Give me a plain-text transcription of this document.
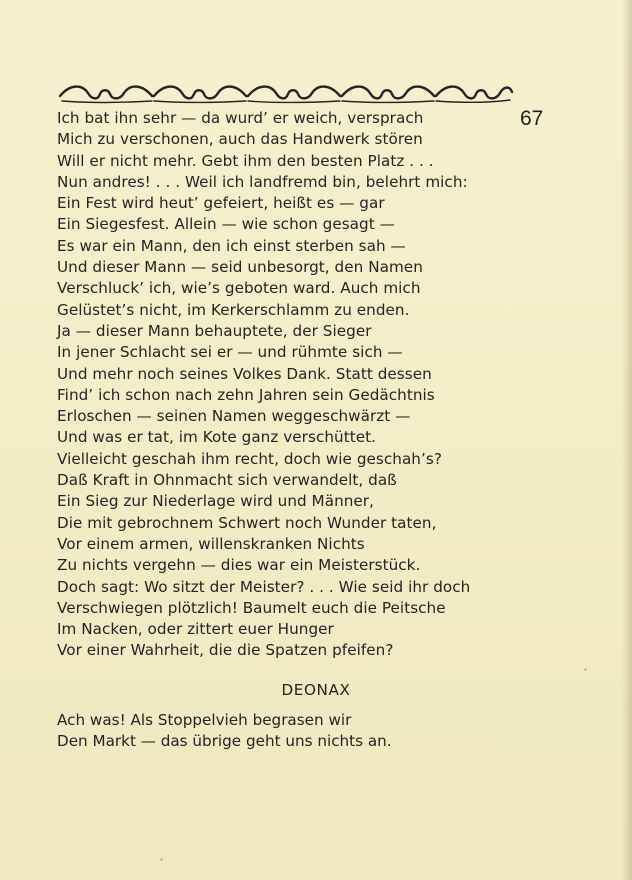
67
Ich bat ihn sehr — da wurd’ er weich, versprach
Mich zu verschonen, auch das Handwerk stören
Will er nicht mehr. Gebt ihm den besten Platz . . .
Nun andres! . . . Weil ich landfremd bin, belehrt mich:
Ein Fest wird heut’ gefeiert, heißt es — gar
Ein Siegesfest. Allein — wie schon gesagt —
Es war ein Mann, den ich einst sterben sah —
Und dieser Mann — seid unbesorgt, den Namen
Verschluck’ ich, wie’s geboten ward. Auch mich
Gelüstet’s nicht, im Kerkerschlamm zu enden.
Ja — dieser Mann behauptete, der Sieger
In jener Schlacht sei er — und rühmte sich —
Und mehr noch seines Volkes Dank. Statt dessen
Find’ ich schon nach zehn Jahren sein Gedächtnis
Erloschen — seinen Namen weggeschwärzt —
Und was er tat, im Kote ganz verschüttet.
Vielleicht geschah ihm recht, doch wie geschah’s?
Daß Kraft in Ohnmacht sich verwandelt, daß
Ein Sieg zur Niederlage wird und Männer,
Die mit gebrochnem Schwert noch Wunder taten,
Vor einem armen, willenskranken Nichts
Zu nichts vergehn — dies war ein Meisterstück.
Doch sagt: Wo sitzt der Meister? . . . Wie seid ihr doch
Verschwiegen plötzlich! Baumelt euch die Peitsche
Im Nacken, oder zittert euer Hunger
Vor einer Wahrheit, die die Spatzen pfeifen?
DEONAX
Ach was! Als Stoppelvieh begrasen wir
Den Markt — das übrige geht uns nichts an.
